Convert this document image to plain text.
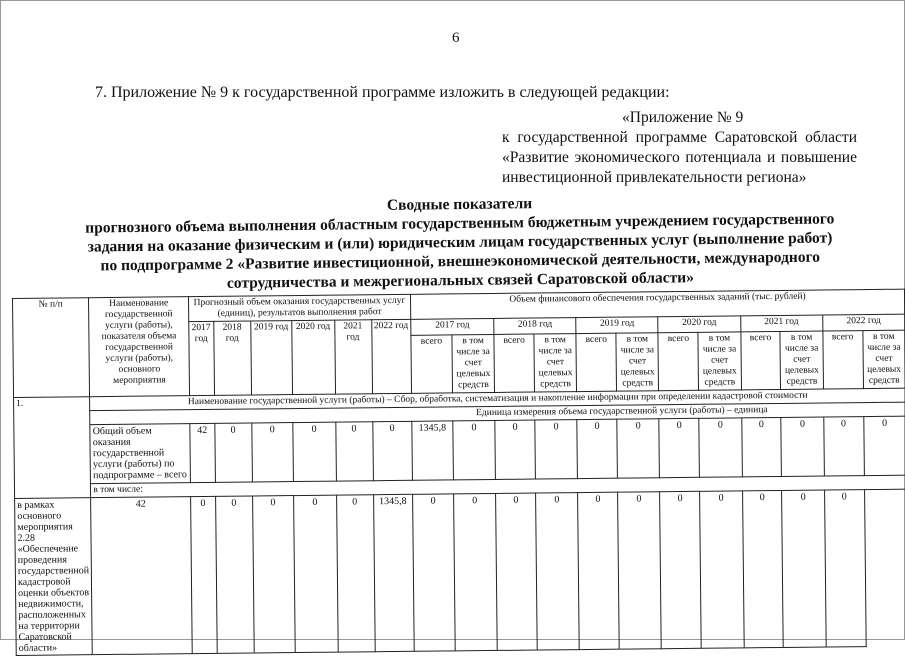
6
7. Приложение № 9 к государственной программе изложить в следующей редакции:
«Приложение № 9
к государственной программе Саратовской области «Развитие экономического потенциала и повышение инвестиционной привлекательности региона»
Сводные показатели
прогнозного объема выполнения областным государственным бюджетным учреждением государственного
задания на оказание физическим и (или) юридическим лицам государственных услуг (выполнение работ)
по подпрограмме 2 «Развитие инвестиционной, внешнеэкономической деятельности, международного
сотрудничества и межрегиональных связей Саратовской области»
№ п/п	Наименование государственной услуги (работы), показателя объема государственной услуги (работы), основного мероприятия	Прогнозный объем оказания государственных услуг (единиц), результатов выполнения работ						Объем финансового обеспечения государственных заданий (тыс. рублей)											
		2017 год	2018 год	2019 год	2020 год	2021 год	2022 год	2017 год		2018 год		2019 год		2020 год		2021 год		2022 год	
								всего	в том числе за счет целевых средств	всего	в том числе за счет целевых средств	всего	в том числе за счет целевых средств	всего	в том числе за счет целевых средств	всего	в том числе за счет целевых средств	всего	в том числе за счет целевых средств
1.	Наименование государственной услуги (работы) – Сбор, обработка, систематизация и накопление информации при определении кадастровой стоимости																		
	Единица измерения объема государственной услуги (работы) – единица																		
	Общий объем оказания государственной услуги (работы) по подпрограмме – всего	42	0	0	0	0	0	1345,8	0	0	0	0	0	0	0	0	0	0	0
	в том числе:																		
в рамках основного мероприятия 2.28 «Обеспечение проведения государственной кадастровой оценки объектов недвижимости, расположенных на территории Саратовской области»	42	0	0	0	0	0	1345,8	0	0	0	0	0	0	0	0	0	0	0	
